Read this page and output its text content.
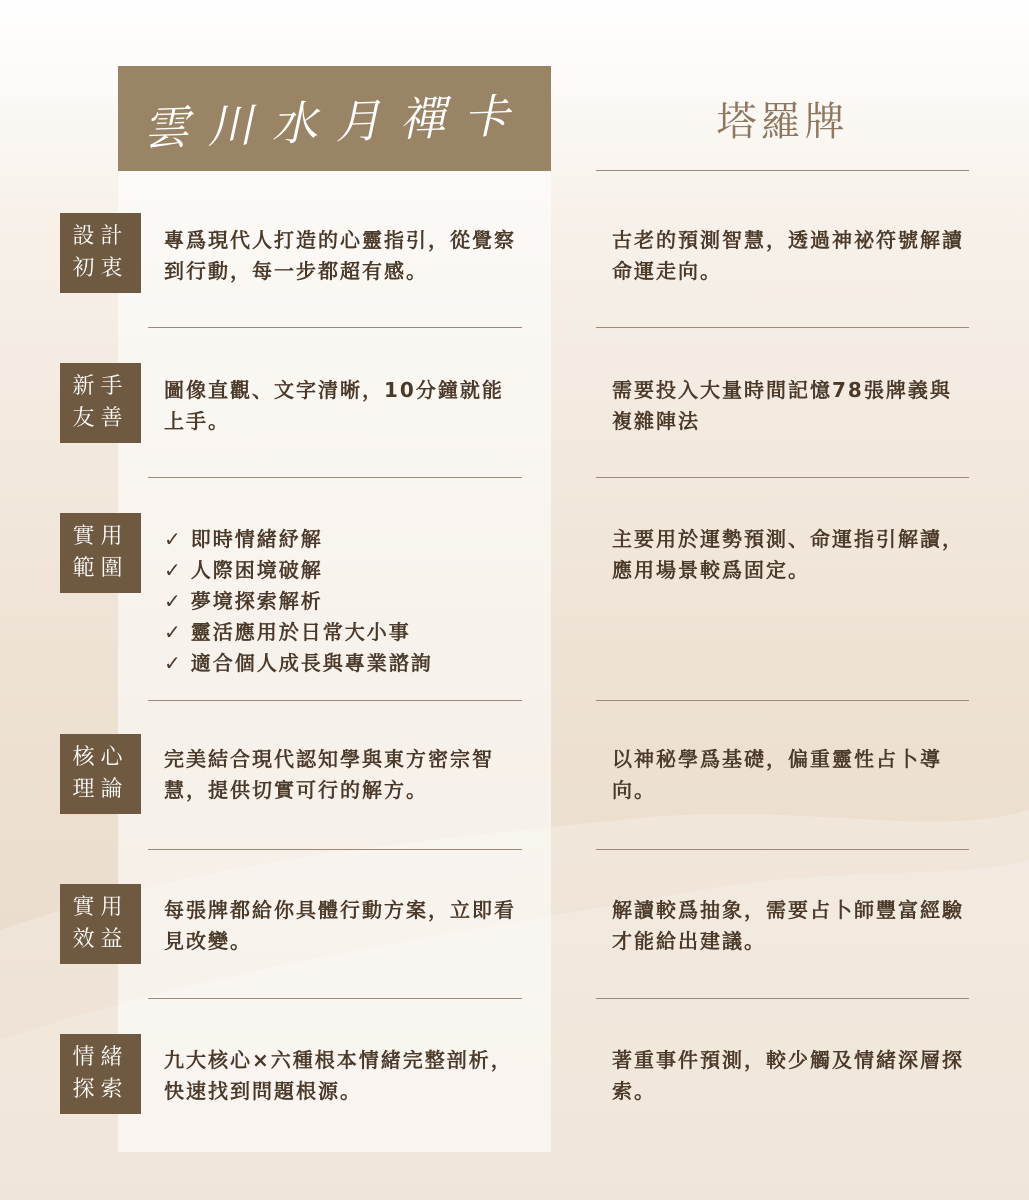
雲川水月禪卡	塔羅牌
設計
初衷
專爲現代人打造的心靈指引，從覺察到行動，每一步都超有感。
古老的預測智慧，透過神祕符號解讀命運走向。
新手
友善
圖像直觀、文字清晰，10分鐘就能上手。
需要投入大量時間記憶78張牌義與複雜陣法
實用
範圍
✓ 即時情緒紓解
✓ 人際困境破解
✓ 夢境探索解析
✓ 靈活應用於日常大小事
✓ 適合個人成長與專業諮詢
主要用於運勢預測、命運指引解讀，應用場景較爲固定。
核心
理論
完美結合現代認知學與東方密宗智慧，提供切實可行的解方。
以神秘學爲基礎，偏重靈性占卜導向。
實用
效益
每張牌都給你具體行動方案，立即看見改變。
解讀較爲抽象，需要占卜師豐富經驗才能給出建議。
情緒
探索
九大核心×六種根本情緒完整剖析，快速找到問題根源。
著重事件預測，較少觸及情緒深層探索。
